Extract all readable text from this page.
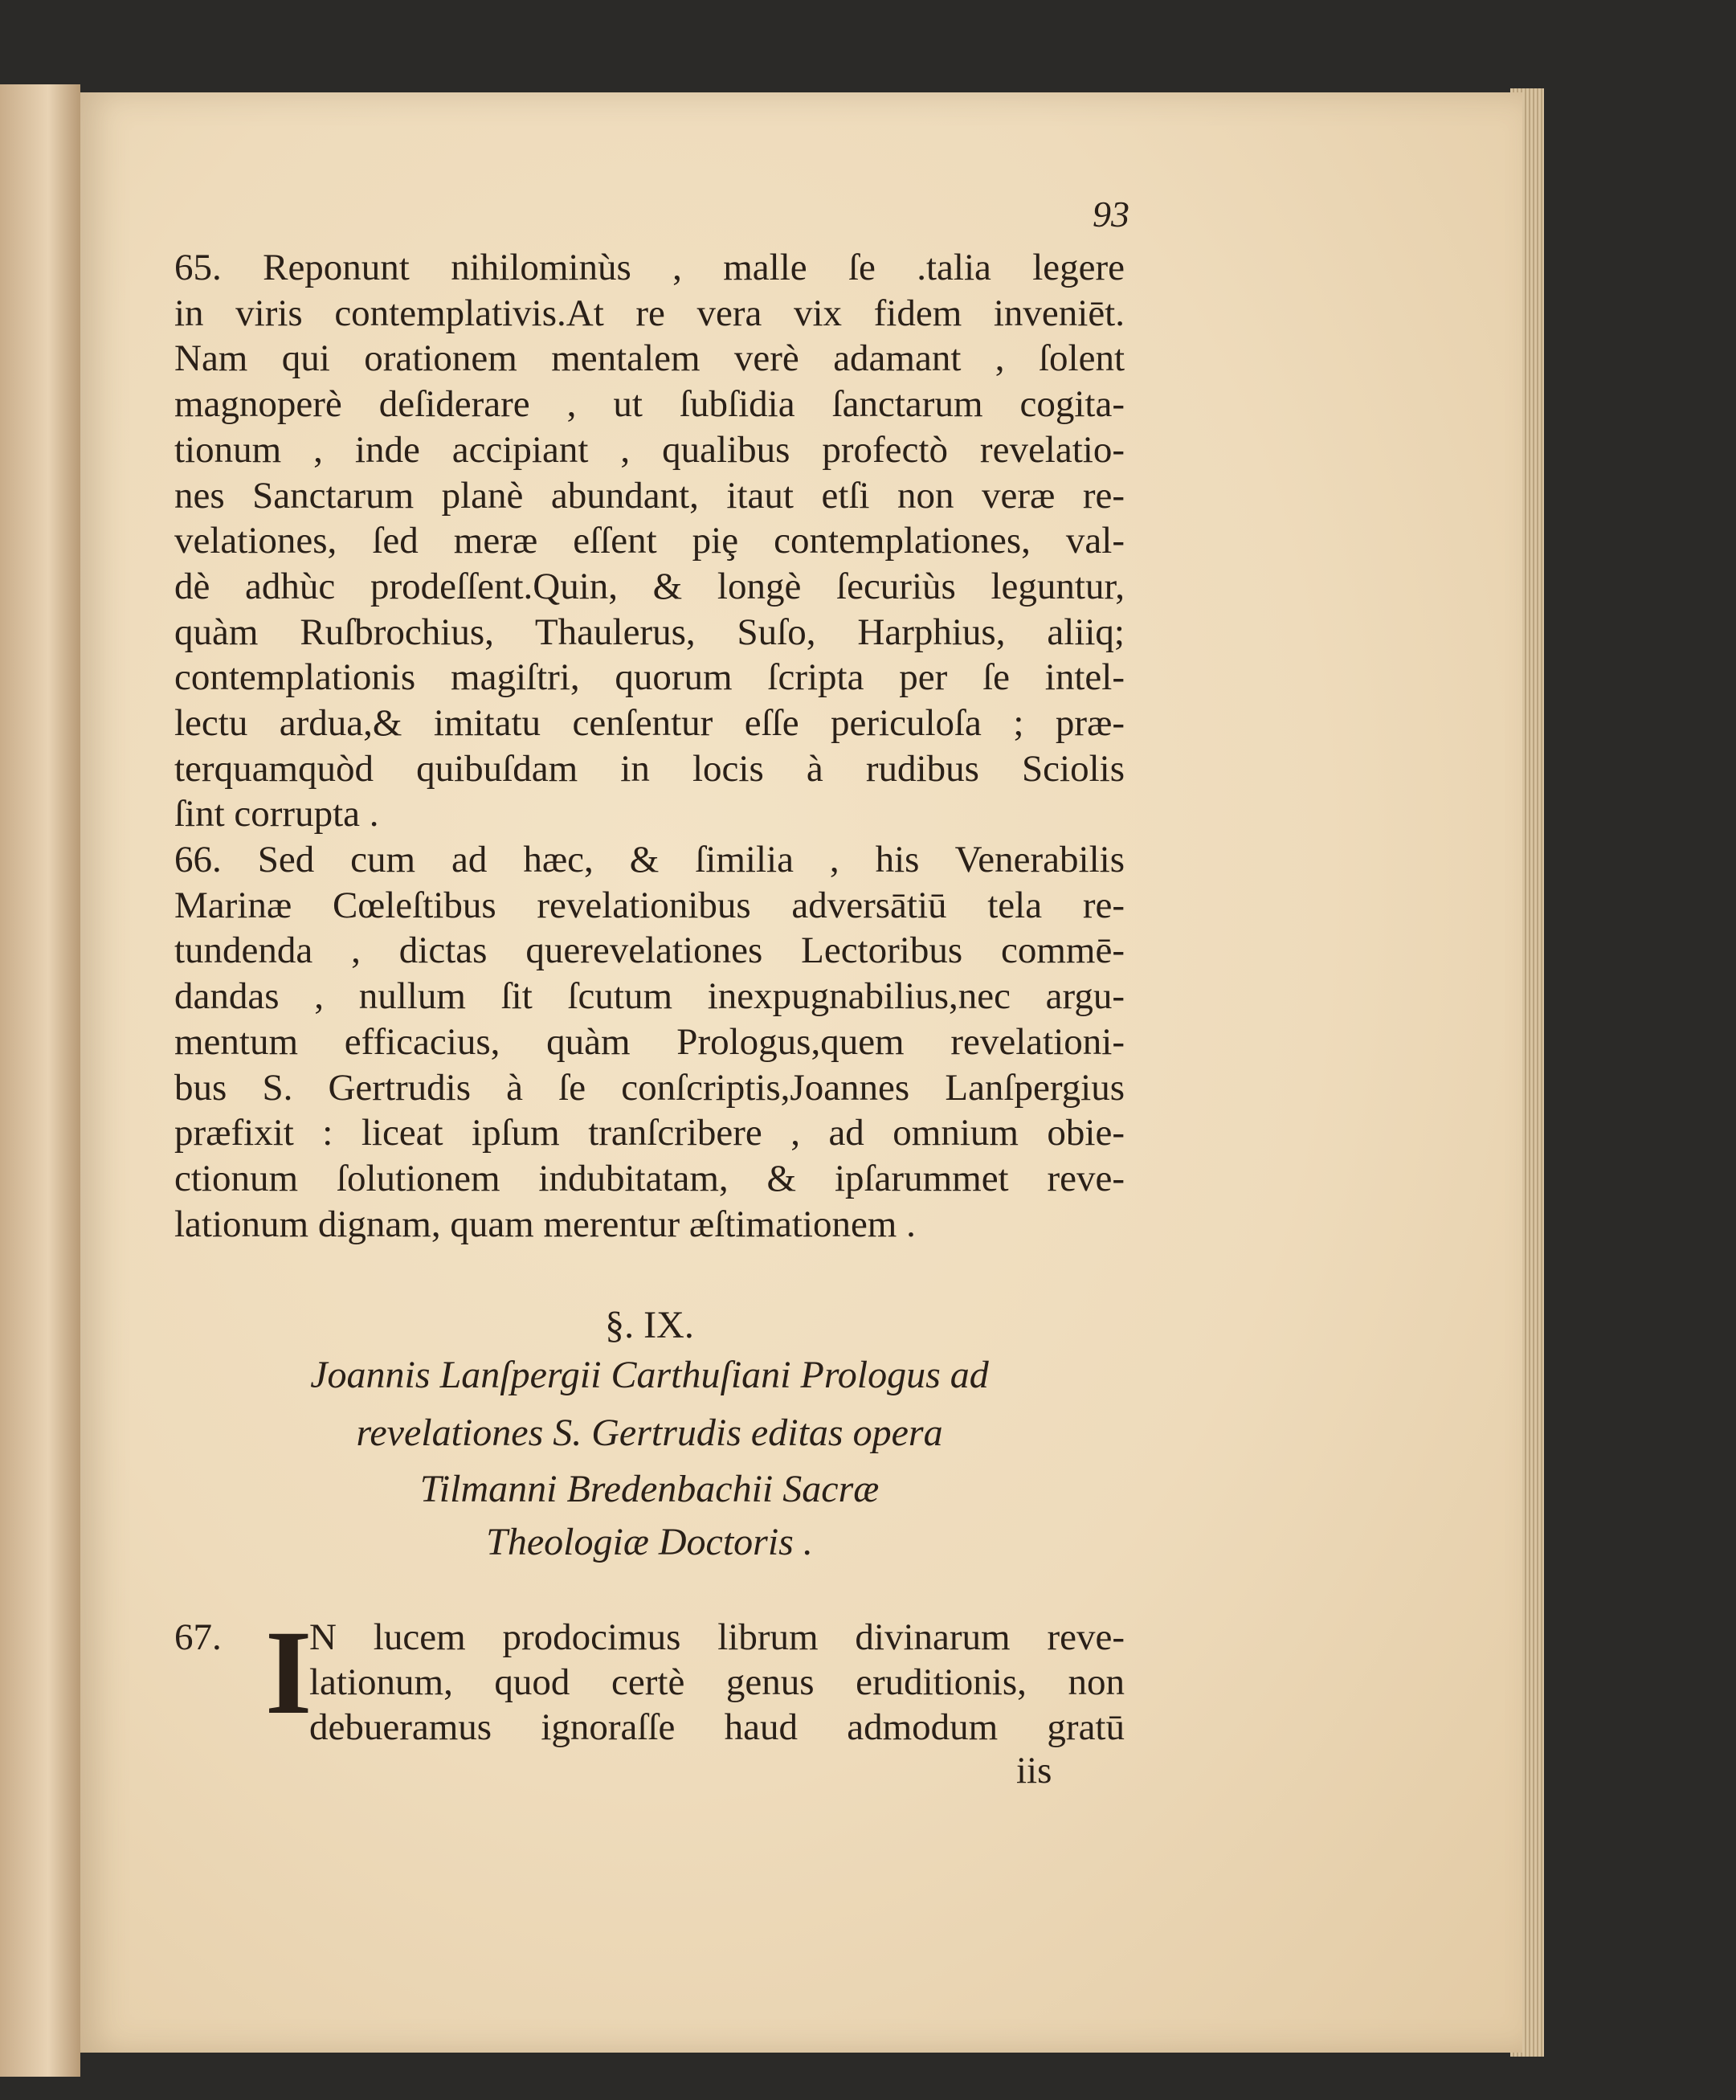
93
65. Reponunt nihilominùs , malle ſe .talia legere
in viris contemplativis.At re vera vix fidem inveniēt.
Nam qui orationem mentalem verè adamant , ſolent
magnoperè deſiderare , ut ſubſidia ſanctarum cogita-
tionum , inde accipiant , qualibus profectò revelatio-
nes Sanctarum planè abundant, itaut etſi non veræ re-
velationes, ſed meræ eſſent piȩ contemplationes, val-
dè adhùc prodeſſent.Quin, & longè ſecuriùs leguntur,
quàm Ruſbrochius, Thaulerus, Suſo, Harphius, aliiq;
contemplationis magiſtri, quorum ſcripta per ſe intel-
lectu ardua,& imitatu cenſentur eſſe periculoſa ; præ-
terquamquòd quibuſdam in locis à rudibus Sciolis
ſint corrupta .
66. Sed cum ad hæc, & ſimilia , his Venerabilis
Marinæ Cœleſtibus revelationibus adversātiū tela re-
tundenda , dictas querevelationes Lectoribus commē-
dandas , nullum ſit ſcutum inexpugnabilius,nec argu-
mentum efficacius, quàm Prologus,quem revelationi-
bus S. Gertrudis à ſe conſcriptis,Joannes Lanſpergius
præfixit : liceat ipſum tranſcribere , ad omnium obie-
ctionum ſolutionem indubitatam, & ipſarummet reve-
lationum dignam, quam merentur æſtimationem .
§. IX.
Joannis Lanſpergii Carthuſiani Prologus ad
revelationes S. Gertrudis editas opera
Tilmanni Bredenbachii Sacræ
Theologiæ Doctoris .
67. I
N lucem prodocimus librum divinarum reve-
lationum, quod certè genus eruditionis, non
debueramus ignoraſſe haud admodum gratū
iis
